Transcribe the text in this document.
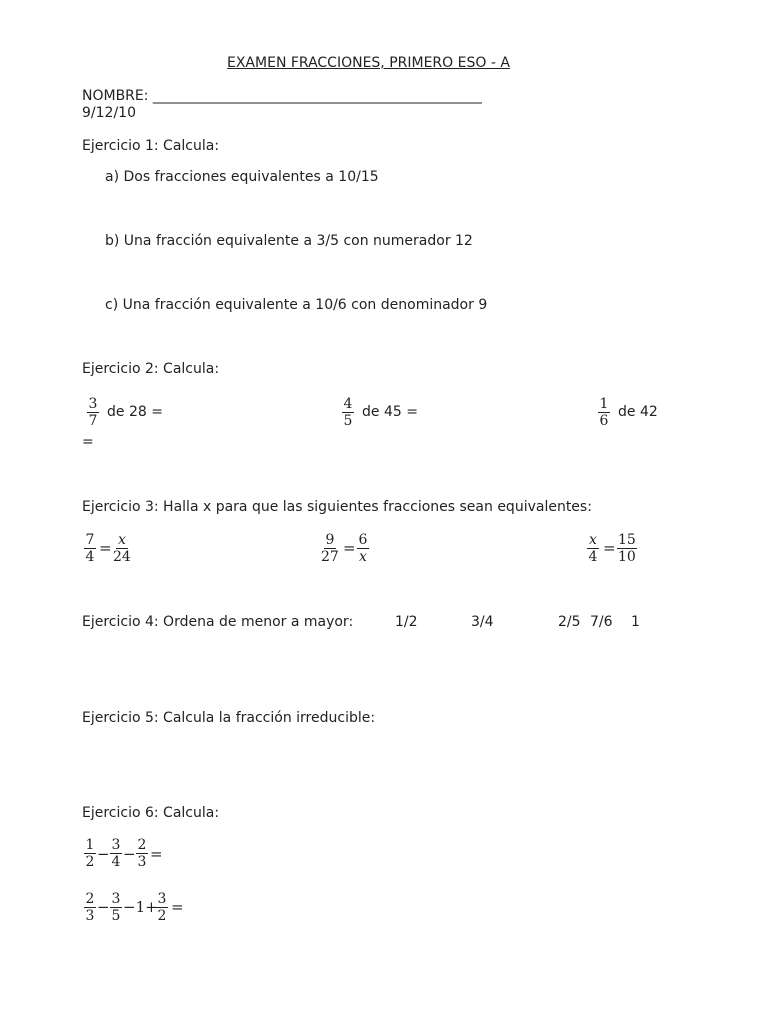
EXAMEN FRACCIONES, PRIMERO ESO - A
NOMBRE: _______________________________________________
9/12/10
Ejercicio 1: Calcula:
a) Dos fracciones equivalentes a 10/15
b) Una fracción equivalente a 3/5 con numerador 12
c) Una fracción equivalente a 10/6 con denominador 9
Ejercicio 2: Calcula:
$\frac{3}{7}$ de 28 =	$\frac{4}{5}$ de 45 =	$\frac{1}{6}$ de 42
=
Ejercicio 3: Halla x para que las siguientes fracciones sean equivalentes:
$\frac{7}{4} = \frac{x}{24}$	$\frac{9}{27} = \frac{6}{x}$	$\frac{x}{4} = \frac{15}{10}$
Ejercicio 4: Ordena de menor a mayor:	1/2	3/4	2/5 7/6 1
Ejercicio 5: Calcula la fracción irreducible:
Ejercicio 6: Calcula:
$\frac{1}{2} - \frac{3}{4} - \frac{2}{3}$ =
$\frac{2}{3} - \frac{3}{5} -1+$
$\frac{3}{2}$ =
